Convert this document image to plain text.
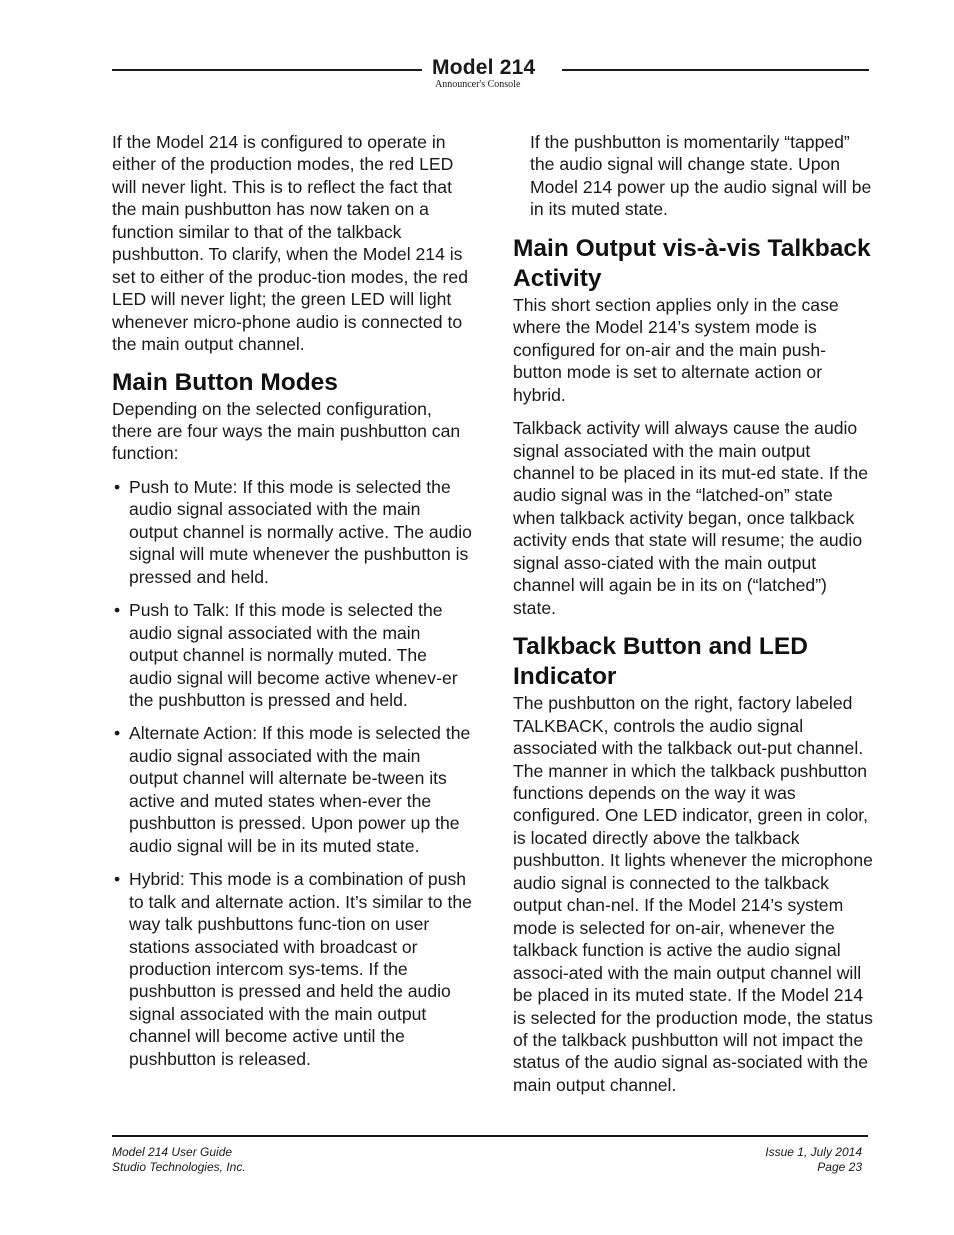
Model 214
Announcer's Console

If the Model 214 is configured to operate in either of the production modes, the red LED will never light. This is to reflect the fact that the main pushbutton has now taken on a function similar to that of the talkback pushbutton. To clarify, when the Model 214 is set to either of the produc-tion modes, the red LED will never light; the green LED will light whenever micro-phone audio is connected to the main output channel.

Main Button Modes

Depending on the selected configuration, there are four ways the main pushbutton can function:

• Push to Mute: If this mode is selected the audio signal associated with the main output channel is normally active. The audio signal will mute whenever the pushbutton is pressed and held.
• Push to Talk: If this mode is selected the audio signal associated with the main output channel is normally muted. The audio signal will become active whenev-er the pushbutton is pressed and held.
• Alternate Action: If this mode is selected the audio signal associated with the main output channel will alternate be-tween its active and muted states when-ever the pushbutton is pressed. Upon power up the audio signal will be in its muted state.
• Hybrid: This mode is a combination of push to talk and alternate action. It’s similar to the way talk pushbuttons func-tion on user stations associated with broadcast or production intercom sys-tems. If the pushbutton is pressed and held the audio signal associated with the main output channel will become active until the pushbutton is released.

If the pushbutton is momentarily “tapped” the audio signal will change state. Upon Model 214 power up the audio signal will be in its muted state.

Main Output vis-à-vis Talkback Activity

This short section applies only in the case where the Model 214’s system mode is configured for on-air and the main push-button mode is set to alternate action or hybrid.

Talkback activity will always cause the audio signal associated with the main output channel to be placed in its mut-ed state. If the audio signal was in the “latched-on” state when talkback activity began, once talkback activity ends that state will resume; the audio signal asso-ciated with the main output channel will again be in its on (“latched”) state.

Talkback Button and LED Indicator

The pushbutton on the right, factory labeled TALKBACK, controls the audio signal associated with the talkback out-put channel. The manner in which the talkback pushbutton functions depends on the way it was configured. One LED indicator, green in color, is located directly above the talkback pushbutton. It lights whenever the microphone audio signal is connected to the talkback output chan-nel. If the Model 214’s system mode is selected for on-air, whenever the talkback function is active the audio signal associ-ated with the main output channel will be placed in its muted state. If the Model 214 is selected for the production mode, the status of the talkback pushbutton will not impact the status of the audio signal as-sociated with the main output channel.

Model 214 User Guide
Studio Technologies, Inc.
Issue 1, July 2014
Page 23
